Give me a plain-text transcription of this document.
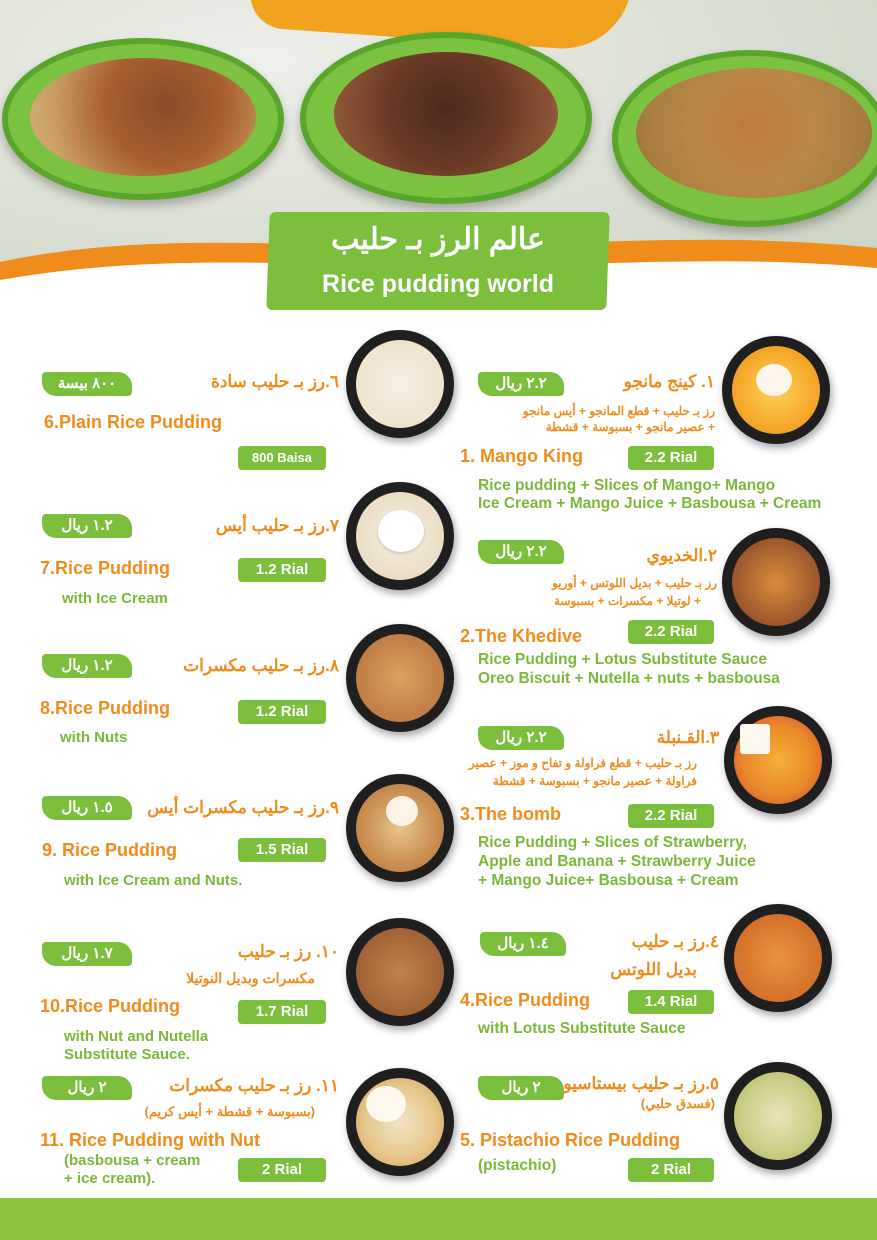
عالم الرز بـ حليب
Rice pudding world
٦.رز بـ حليب سادة
٨٠٠ بيسة
6.Plain Rice Pudding
800 Baisa
٧.رز بـ حليب أيس
١.٢ ريال
7.Rice Pudding
with Ice Cream
1.2 Rial
٨.رز بـ حليب مكسرات
١.٢ ريال
8.Rice Pudding
with Nuts
1.2 Rial
٩.رز بـ حليب مكسرات أيس
١.٥ ريال
9. Rice Pudding
with Ice Cream and Nuts.
1.5 Rial
١٠. رز بـ حليب
مكسرات وبديل النوتيلا
١.٧ ريال
10.Rice Pudding
with Nut and Nutella
Substitute Sauce.
1.7 Rial
١١. رز بـ حليب مكسرات
(بسبوسة + قشطة + أيس كريم)
٢ ريال
11. Rice Pudding with Nut
(basbousa + cream
+ ice cream).
2 Rial
١. كينج مانجو
٢.٢ ريال
رز بـ حليب + قطع المانجو + أيس مانجو
+ عصير مانجو + بسبوسة + قشطة
1. Mango King	2.2 Rial
Rice pudding + Slices of Mango+ Mango
Ice Cream + Mango Juice + Basbousa + Cream
٢.الخديوي
٢.٢ ريال
رز بـ حليب + بديل اللوتس + أوريو
+ لوتيلا + مكسرات + بسبوسة
2.The Khedive	2.2 Rial
Rice Pudding + Lotus Substitute Sauce
Oreo Biscuit + Nutella + nuts + basbousa
٣.القـنبلة
٢.٢ ريال
رز بـ حليب + قطع فراولة و تفاح و موز + عصير
فراولة + عصير مانجو + بسبوسة + قشطة
3.The bomb	2.2 Rial
Rice Pudding + Slices of Strawberry,
Apple and Banana + Strawberry Juice
+ Mango Juice+ Basbousa + Cream
٤.رز بـ حليب
بديل اللوتس
١.٤ ريال
4.Rice Pudding	1.4 Rial
with Lotus Substitute Sauce
٥.رز بـ حليب بيستاسيو
(فسدق حلبي)
٢ ريال
5. Pistachio Rice Pudding
(pistachio)	2 Rial
